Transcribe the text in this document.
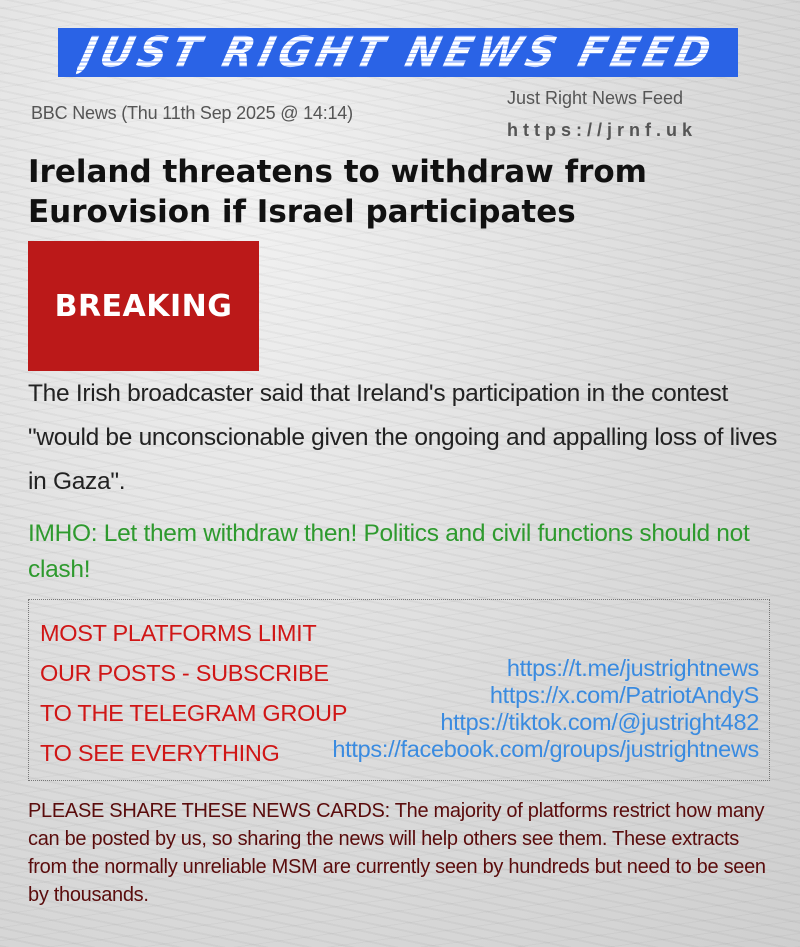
JUST RIGHT NEWS FEED
BBC News (Thu 11th Sep 2025 @ 14:14)
Just Right News Feed
https://jrnf.uk
Ireland threatens to withdraw from Eurovision if Israel participates
BREAKING

The Irish broadcaster said that Ireland's participation in the contest "would be unconscionable given the ongoing and appalling loss of lives in Gaza".

IMHO: Let them withdraw then! Politics and civil functions should not clash!

MOST PLATFORMS LIMIT
OUR POSTS - SUBSCRIBE
TO THE TELEGRAM GROUP
TO SEE EVERYTHING
https://t.me/justrightnews
https://x.com/PatriotAndyS
https://tiktok.com/@justright482
https://facebook.com/groups/justrightnews

PLEASE SHARE THESE NEWS CARDS: The majority of platforms restrict how many can be posted by us, so sharing the news will help others see them. These extracts from the normally unreliable MSM are currently seen by hundreds but need to be seen by thousands.
